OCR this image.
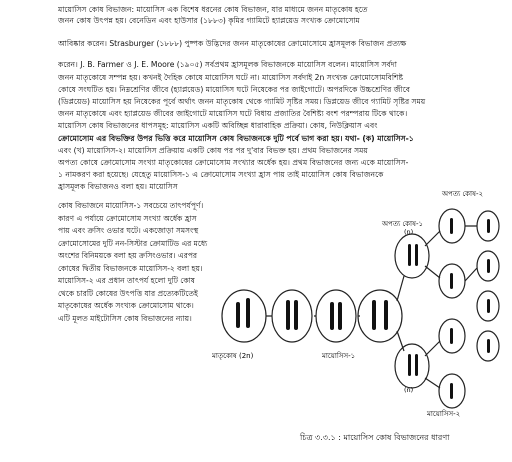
মায়োসিস কোষ বিভাজন: মায়োসিস এক বিশেষ ধরনের কোষ বিভাজন, যার মাধ্যমে জনন মাতৃকোষ হতে
জনন কোষ উৎপন্ন হয়। বেনেডিন এবং হাউসার (১৮৮৩) কৃমির গ্যামিটে হ্যাপ্লয়েড সংখ্যক ক্রোমোসোম
আবিষ্কার করেন। Strasburger (১৮৮৮) পুষ্পক উদ্ভিদের জনন মাতৃকোষের ক্রোমোসোমে হ্রাসমূলক বিভাজন প্রত্যক্ষ
করেন। J. B. Farmer ও J. E. Moore (১৯০৫) সর্বপ্রথম হ্রাসমূলক বিভাজনকে মায়োসিস বলেন। মায়োসিস সর্বদা
জনন মাতৃকোষে সম্পন্ন হয়। কখনই দৈহিক কোষে মায়োসিস ঘটে না। মায়োসিস সর্বদাই 2n সংখ্যক ক্রোমোসোমবিশিষ্ট
কোষে সংঘটিত হয়। নিম্নশ্রেণির জীবে (হ্যাপ্লয়েড) মায়োসিস ঘটে নিষেকের পর জাইগোটে। অপরদিকে উচ্চশ্রেণির জীবে
(ডিপ্লয়েড) মায়োসিস হয় নিষেকের পূর্বে অর্থাৎ জনন মাতৃকোষ থেকে গ্যামিট সৃষ্টির সময়। ডিপ্লয়েড জীবে গ্যামিট সৃষ্টির সময়
জনন মাতৃকোষে এবং হ্যাপ্লয়েড জীবের জাইগোটে মায়োসিস ঘটে বিধায় প্রজাতির বৈশিষ্ট্য বংশ পরম্পরায় টিকে থাকে।
মায়োসিস কোষ বিভাজনের ধাপসমূহ: মায়োসিস একটি অবিচ্ছিন্ন ধারাবাহিক প্রক্রিয়া। কোষ, নিউক্লিয়াস এবং
ক্রোমোসোম এর বিভক্তির উপর ভিত্তি করে মায়োসিস কোষ বিভাজনকে দুটি পর্বে ভাগ করা হয়। যথা- (ক) মায়োসিস-১
এবং (খ) মায়োসিস-২। মায়োসিস প্রক্রিয়ায় একটি কোষ পর পর দু'বার বিভক্ত হয়। প্রথম বিভাজনের সময়
অপত্য কোষে ক্রোমোসোম সংখ্যা মাতৃকোষের ক্রোমোসোম সংখ্যার অর্ধেক হয়। প্রথম বিভাজনের জন্য একে মায়োসিস-
১ নামকরণ করা হয়েছে। যেহেতু মায়োসিস-১ এ ক্রোমোসোম সংখ্যা হ্রাস পায় তাই মায়োসিস কোষ বিভাজনকে
হ্রাসমূলক বিভাজনও বলা হয়। মায়োসিস
কোষ বিভাজনে মায়োসিস-১ সবচেয়ে তাৎপর্যপূর্ণ। কারণ এ পর্যায়ে ক্রোমোসোম সংখ্যা অর্ধেক হ্রাস পায় এবং ক্রসিং ওভার ঘটে। একজোড়া সমসংস্থ ক্রোমোসোমের দুটি নন-সিস্টার ক্রোমাটিড এর মধ্যে অংশের বিনিময়কে বলা হয় ক্রসিংওভার। এরপর কোষের দ্বিতীয় বিভাজনকে মায়োসিস-২ বলা হয়। মায়োসিস-২ এর প্রধান তাৎপর্য হলো দুটি কোষ থেকে চারটি কোষের উৎপত্তি যার প্রত্যেকটিতেই মাতৃকোষের অর্ধেক সংখ্যক ক্রোমোসোম থাকে। এটি মূলত মাইটোসিস কোষ বিভাজনের ন্যায়।
মাতৃকোষ (2n)	মায়োসিস-১
অপত্য কোষ-১
অপত্য কোষ-২
মায়োসিস-২
(n)
(n)
চিত্র ৩.৩.১ : মায়োসিস কোষ বিভাজনের ধারণা
